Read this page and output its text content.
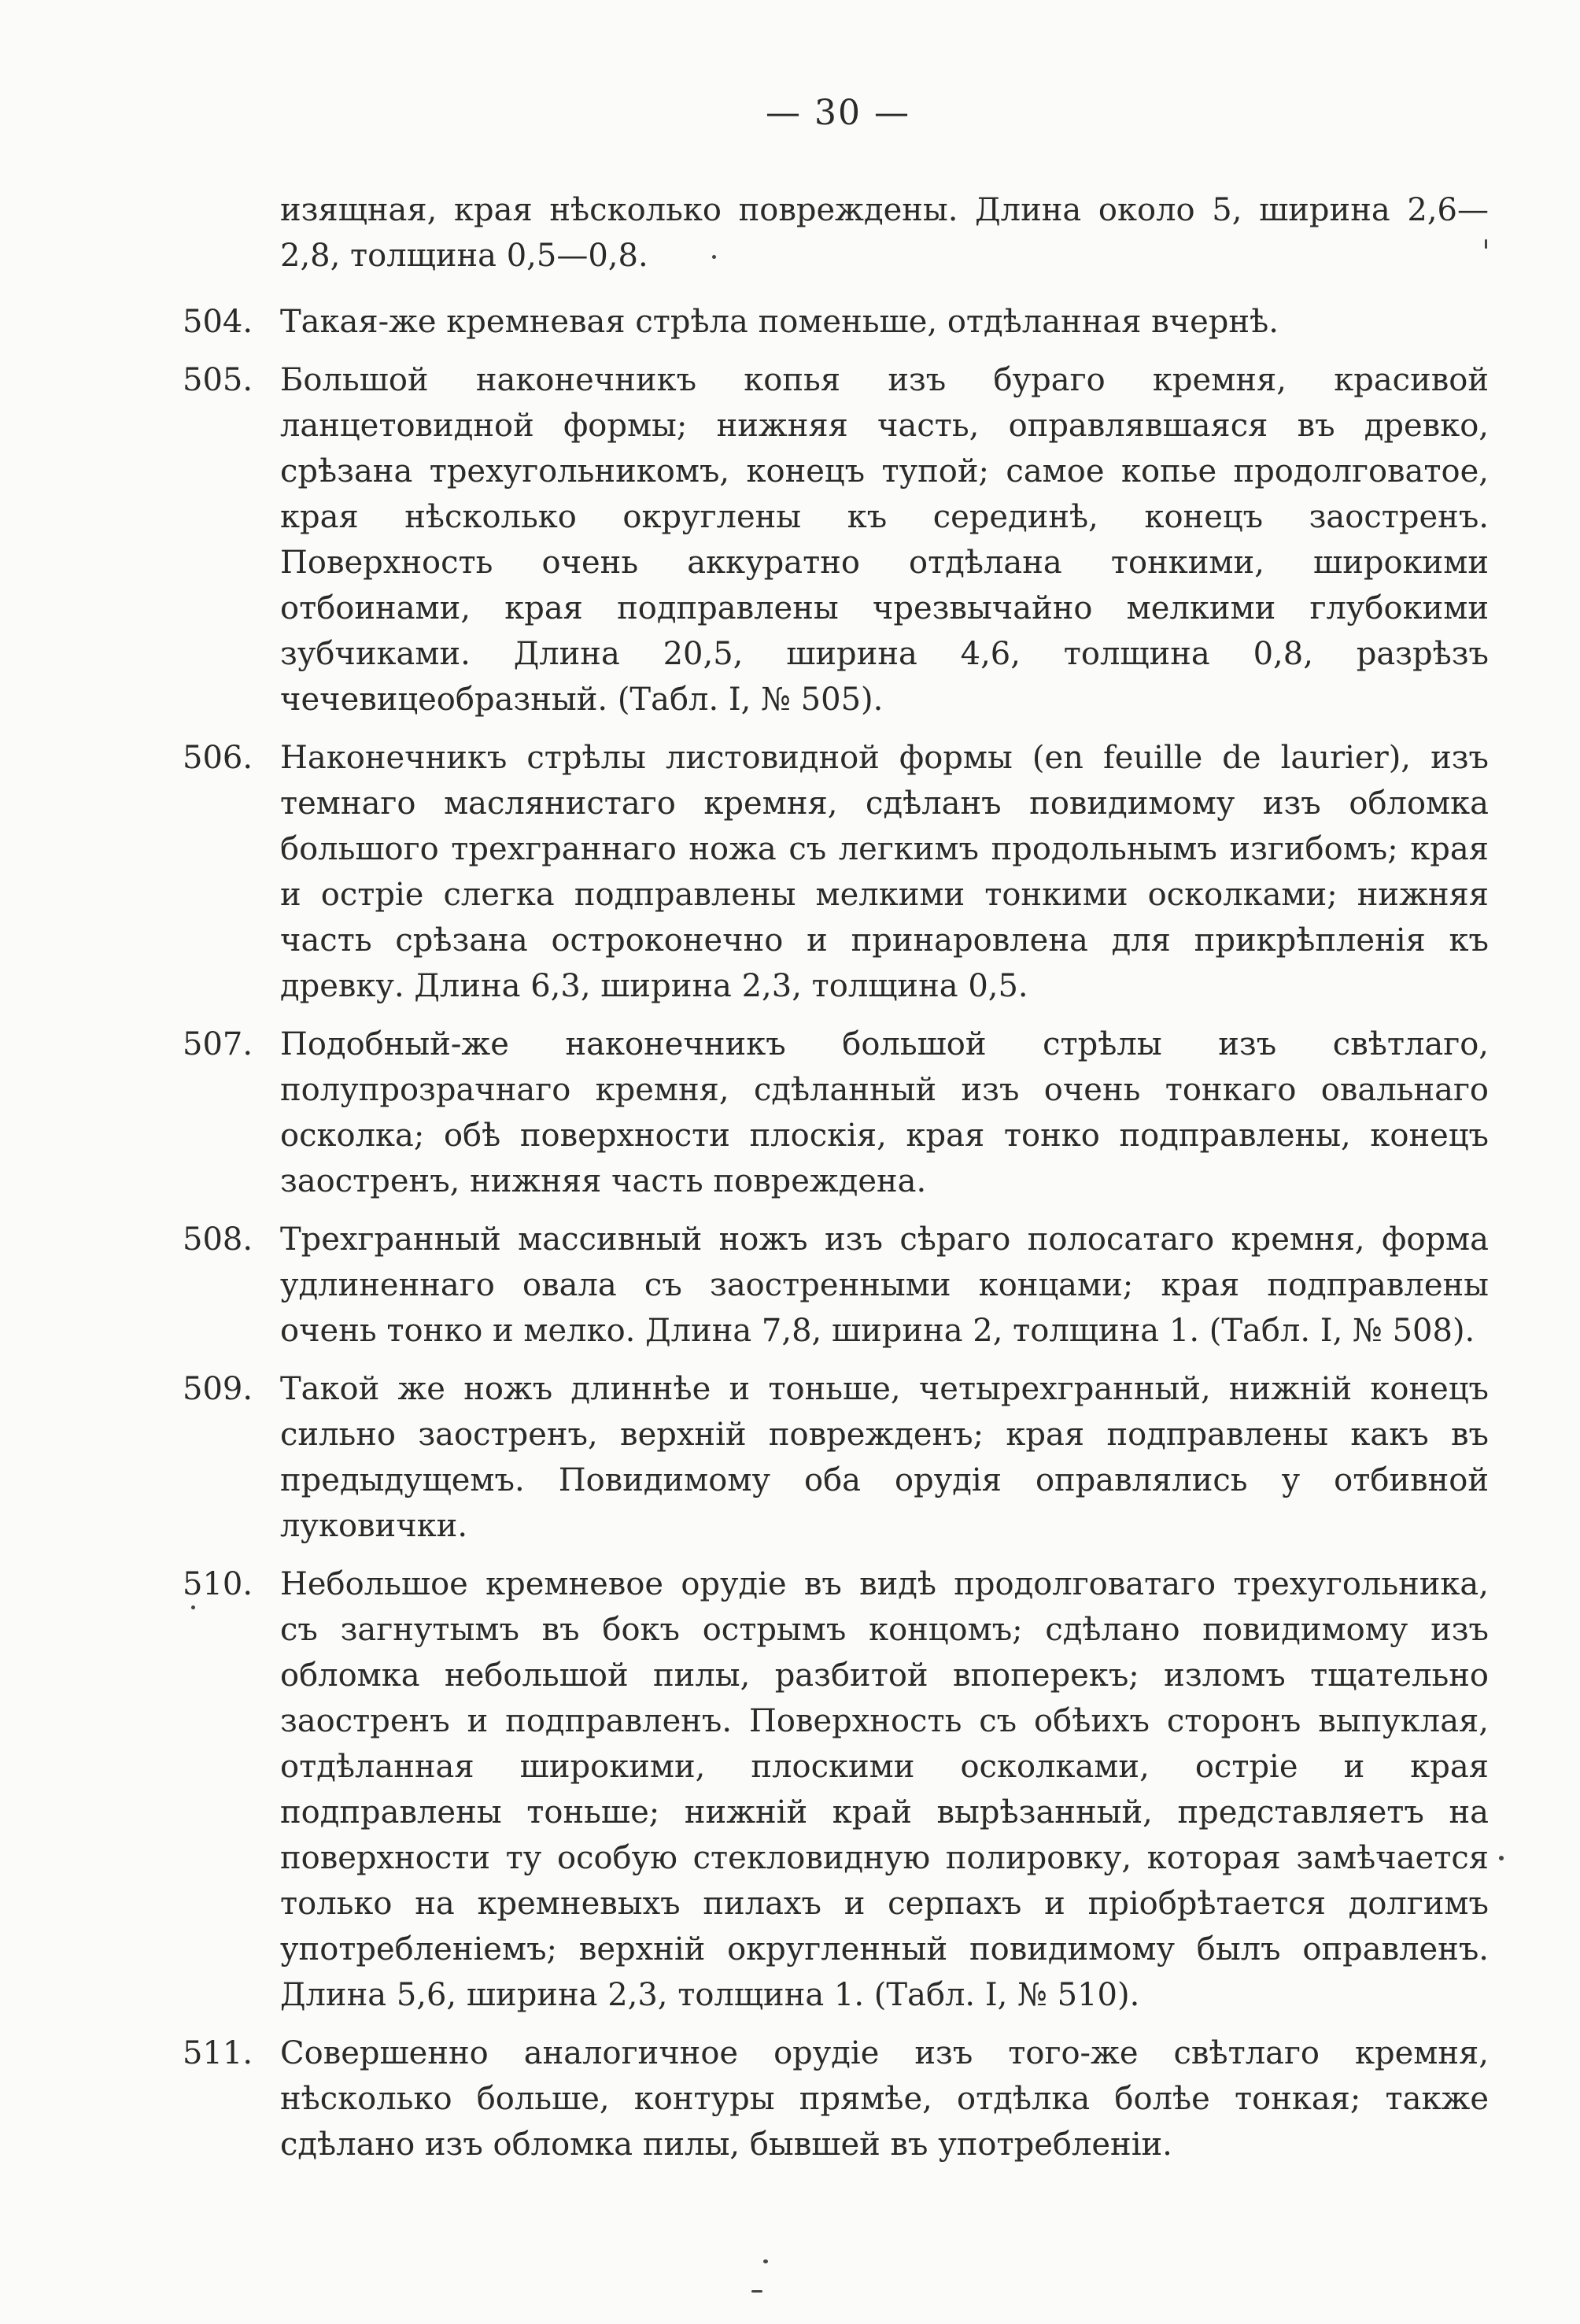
— 30 —
изящная, края нѣсколько повреждены. Длина около 5, ширина 2,6—2,8, толщина 0,5—0,8.
504. Такая-же кремневая стрѣла поменьше, отдѣланная вчернѣ.
505. Большой наконечникъ копья изъ бураго кремня, красивой ланцетовидной формы; нижняя часть, оправлявшаяся въ древко, срѣзана трехугольникомъ, конецъ тупой; самое копье продолговатое, края нѣсколько округлены къ серединѣ, конецъ заостренъ. Поверхность очень аккуратно отдѣлана тонкими, широкими отбоинами, края подправлены чрезвычайно мелкими глубокими зубчиками. Длина 20,5, ширина 4,6, толщина 0,8, разрѣзъ чечевицеобразный. (Табл. I, № 505).
506. Наконечникъ стрѣлы листовидной формы (en feuille de laurier), изъ темнаго маслянистаго кремня, сдѣланъ повидимому изъ обломка большого трехграннаго ножа съ легкимъ продольнымъ изгибомъ; края и остріе слегка подправлены мелкими тонкими осколками; нижняя часть срѣзана остроконечно и принаровлена для прикрѣпленія къ древку. Длина 6,3, ширина 2,3, толщина 0,5.
507. Подобный-же наконечникъ большой стрѣлы изъ свѣтлаго, полупрозрачнаго кремня, сдѣланный изъ очень тонкаго овальнаго осколка; обѣ поверхности плоскія, края тонко подправлены, конецъ заостренъ, нижняя часть повреждена.
508. Трехгранный массивный ножъ изъ сѣраго полосатаго кремня, форма удлиненнаго овала съ заостренными концами; края подправлены очень тонко и мелко. Длина 7,8, ширина 2, толщина 1. (Табл. I, № 508).
509. Такой же ножъ длиннѣе и тоньше, четырехгранный, нижній конецъ сильно заостренъ, верхній поврежденъ; края подправлены какъ въ предыдущемъ. Повидимому оба орудія оправлялись у отбивной луковички.
510. Небольшое кремневое орудіе въ видѣ продолговатаго трехугольника, съ загнутымъ въ бокъ острымъ концомъ; сдѣлано повидимому изъ обломка небольшой пилы, разбитой впоперекъ; изломъ тщательно заостренъ и подправленъ. Поверхность съ обѣихъ сторонъ выпуклая, отдѣланная широкими, плоскими осколками, остріе и края подправлены тоньше; нижній край вырѣзанный, представляетъ на поверхности ту особую стекловидную полировку, которая замѣчается только на кремневыхъ пилахъ и серпахъ и пріобрѣтается долгимъ употребленіемъ; верхній округленный повидимому былъ оправленъ. Длина 5,6, ширина 2,3, толщина 1. (Табл. I, № 510).
511. Совершенно аналогичное орудіе изъ того-же свѣтлаго кремня, нѣсколько больше, контуры прямѣе, отдѣлка болѣе тонкая; также сдѣлано изъ обломка пилы, бывшей въ употребленіи.
